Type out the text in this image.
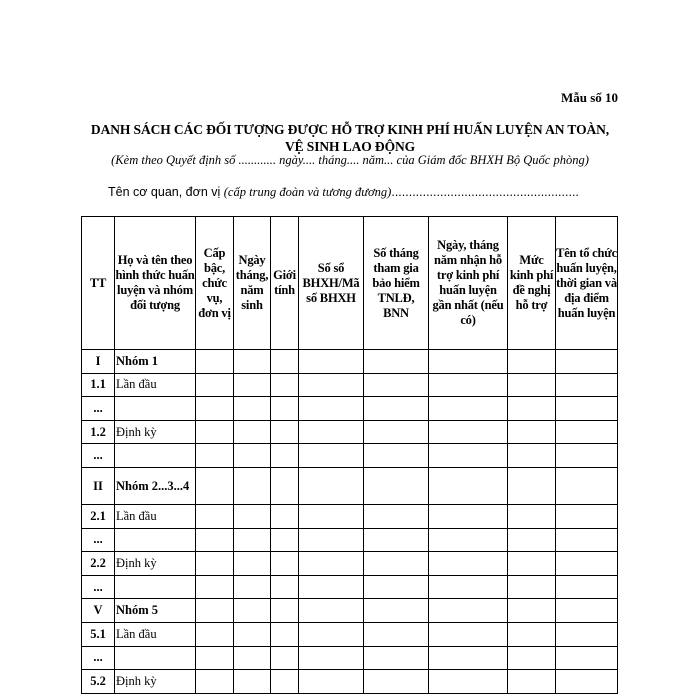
Mẫu số 10
DANH SÁCH CÁC ĐỐI TƯỢNG ĐƯỢC HỖ TRỢ KINH PHÍ HUẤN LUYỆN AN TOÀN,
VỆ SINH LAO ĐỘNG
(Kèm theo Quyết định số ............ ngày.... tháng.... năm... của Giám đốc BHXH Bộ Quốc phòng)
Tên cơ quan, đơn vị (cấp trung đoàn và tương đương)......................................................
TT	Họ và tên theo hình thức huấn luyện và nhóm đối tượng	Cấp bậc, chức vụ, đơn vị	Ngày tháng, năm sinh	Giới tính	Số sổ BHXH/Mã số BHXH	Số tháng tham gia bảo hiểm TNLĐ, BNN	Ngày, tháng năm nhận hỗ trợ kinh phí huấn luyện gần nhất (nếu có)	Mức kinh phí đề nghị hỗ trợ	Tên tổ chức huấn luyện, thời gian và địa điểm huấn luyện
I	Nhóm 1								
1.1	Lần đầu								
...									
1.2	Định kỳ								
...									
II	Nhóm 2...3...4								
2.1	Lần đầu								
...									
2.2	Định kỳ								
...									
V	Nhóm 5								
5.1	Lần đầu								
...									
5.2	Định kỳ								
